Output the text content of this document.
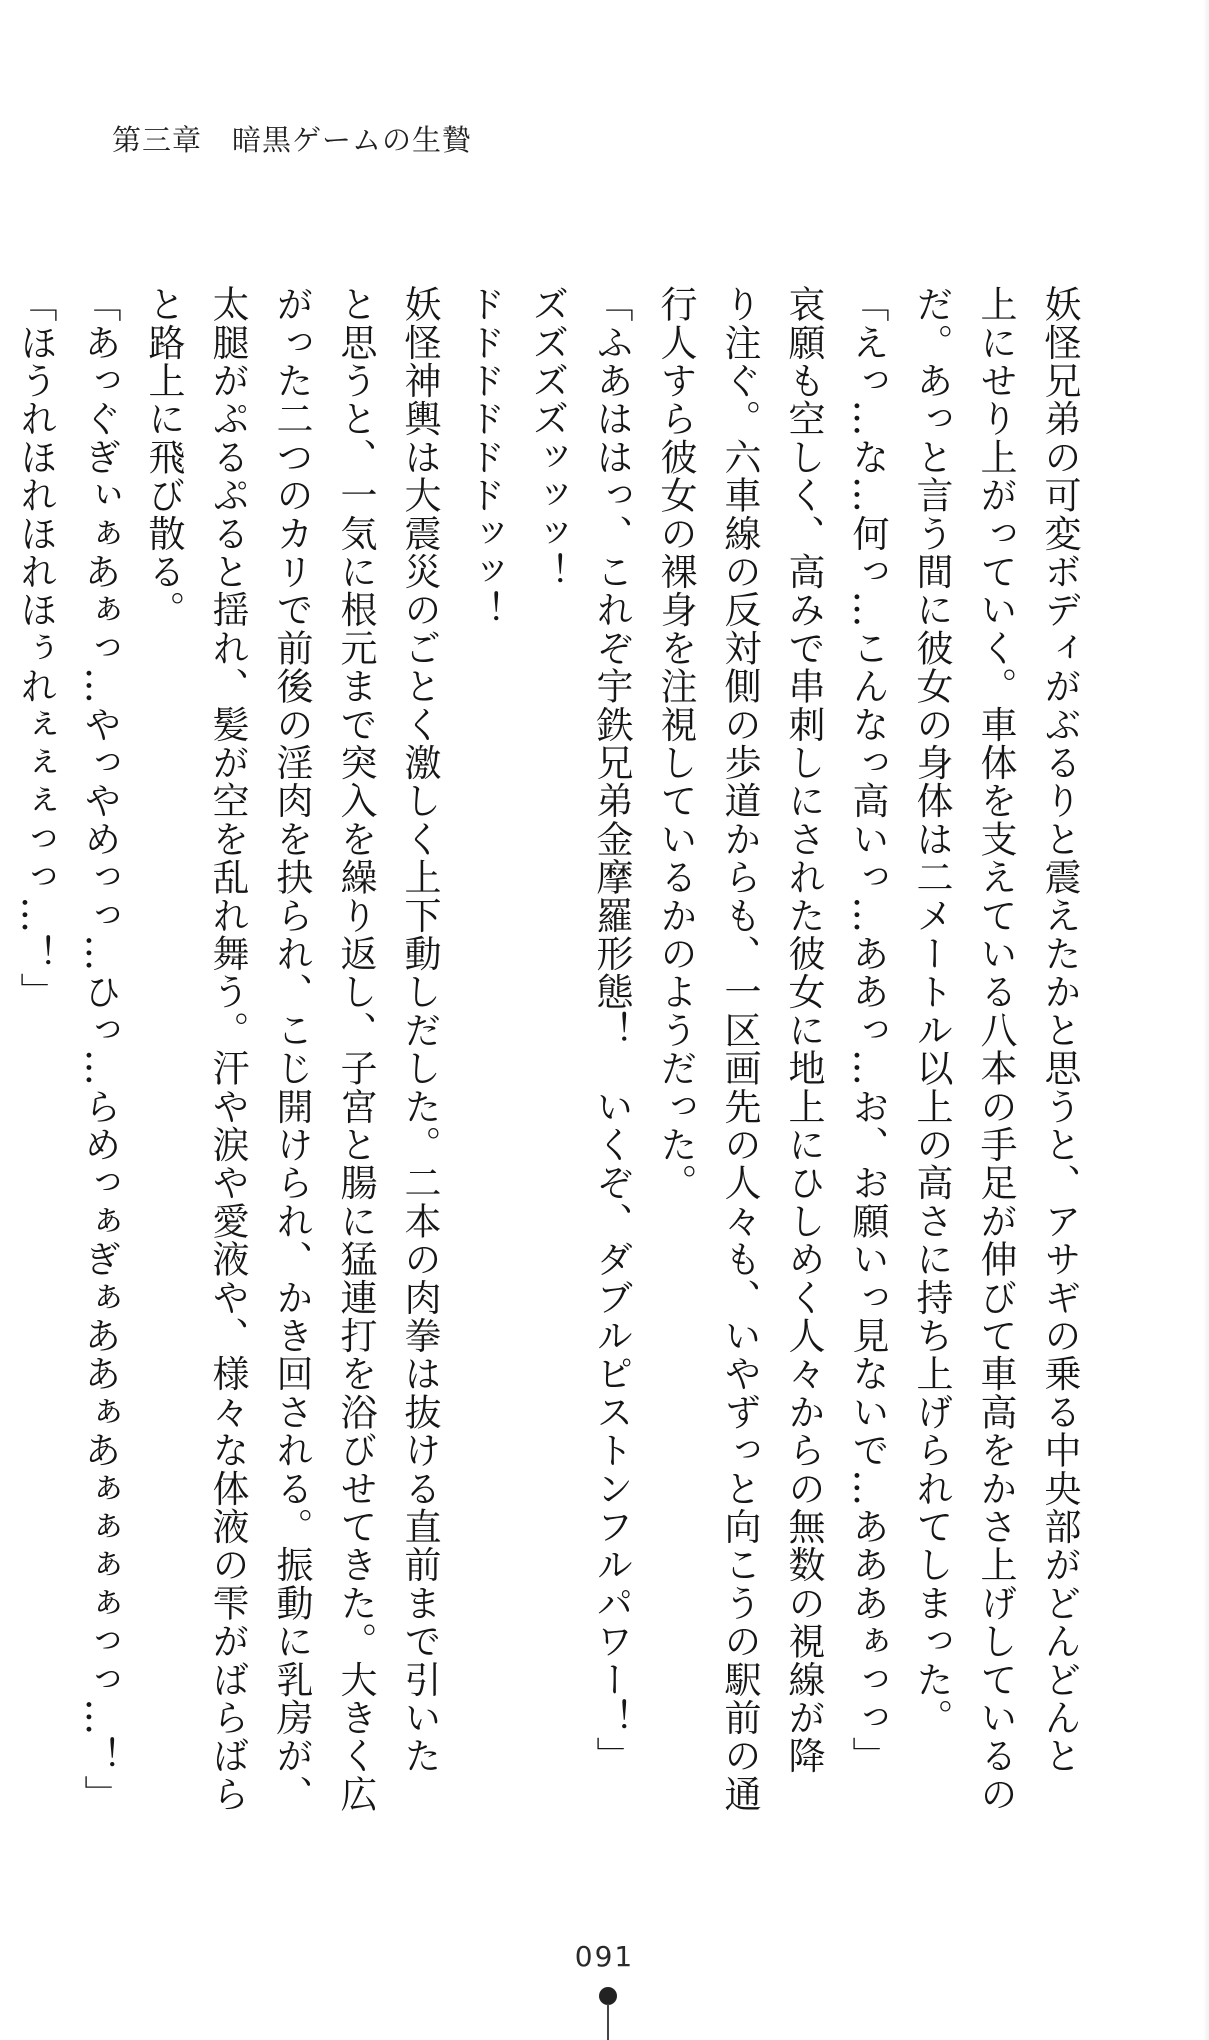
第三章　暗黒ゲームの生贄

妖怪兄弟の可変ボディがぶるりと震えたかと思うと、アサギの乗る中央部がどんどんと

上にせり上がっていく。車体を支えている八本の手足が伸びて車高をかさ上げしているの

だ。あっと言う間に彼女の身体は二メートル以上の高さに持ち上げられてしまった。

「えっ…な…何っ…こんなっ高いっ…ああっ…お、お願いっ見ないで…あああぁっっ」

哀願も空しく、高みで串刺しにされた彼女に地上にひしめく人々からの無数の視線が降

り注ぐ。六車線の反対側の歩道からも、一区画先の人々も、いやずっと向こうの駅前の通

行人すら彼女の裸身を注視しているかのようだった。

「ふあははっ、これぞ宇鉄兄弟金摩羅形態！　いくぞ、ダブルピストンフルパワー！」

ズズズズッッッ！

ドドドドドドッッ！

妖怪神輿は大震災のごとく激しく上下動しだした。二本の肉拳は抜ける直前まで引いた

と思うと、一気に根元まで突入を繰り返し、子宮と腸に猛連打を浴びせてきた。大きく広

がった二つのカリで前後の淫肉を抉られ、こじ開けられ、かき回される。振動に乳房が、

太腿がぷるぷると揺れ、髪が空を乱れ舞う。汗や涙や愛液や、様々な体液の雫がばらばら

と路上に飛び散る。

「あっぐぎぃぁあぁっ…やっやめっっ…ひっ…らめっぁぎぁああぁあぁぁぁぁっっ…！」

「ほうれほれほれほぅれぇぇぇっっ…！」

091
